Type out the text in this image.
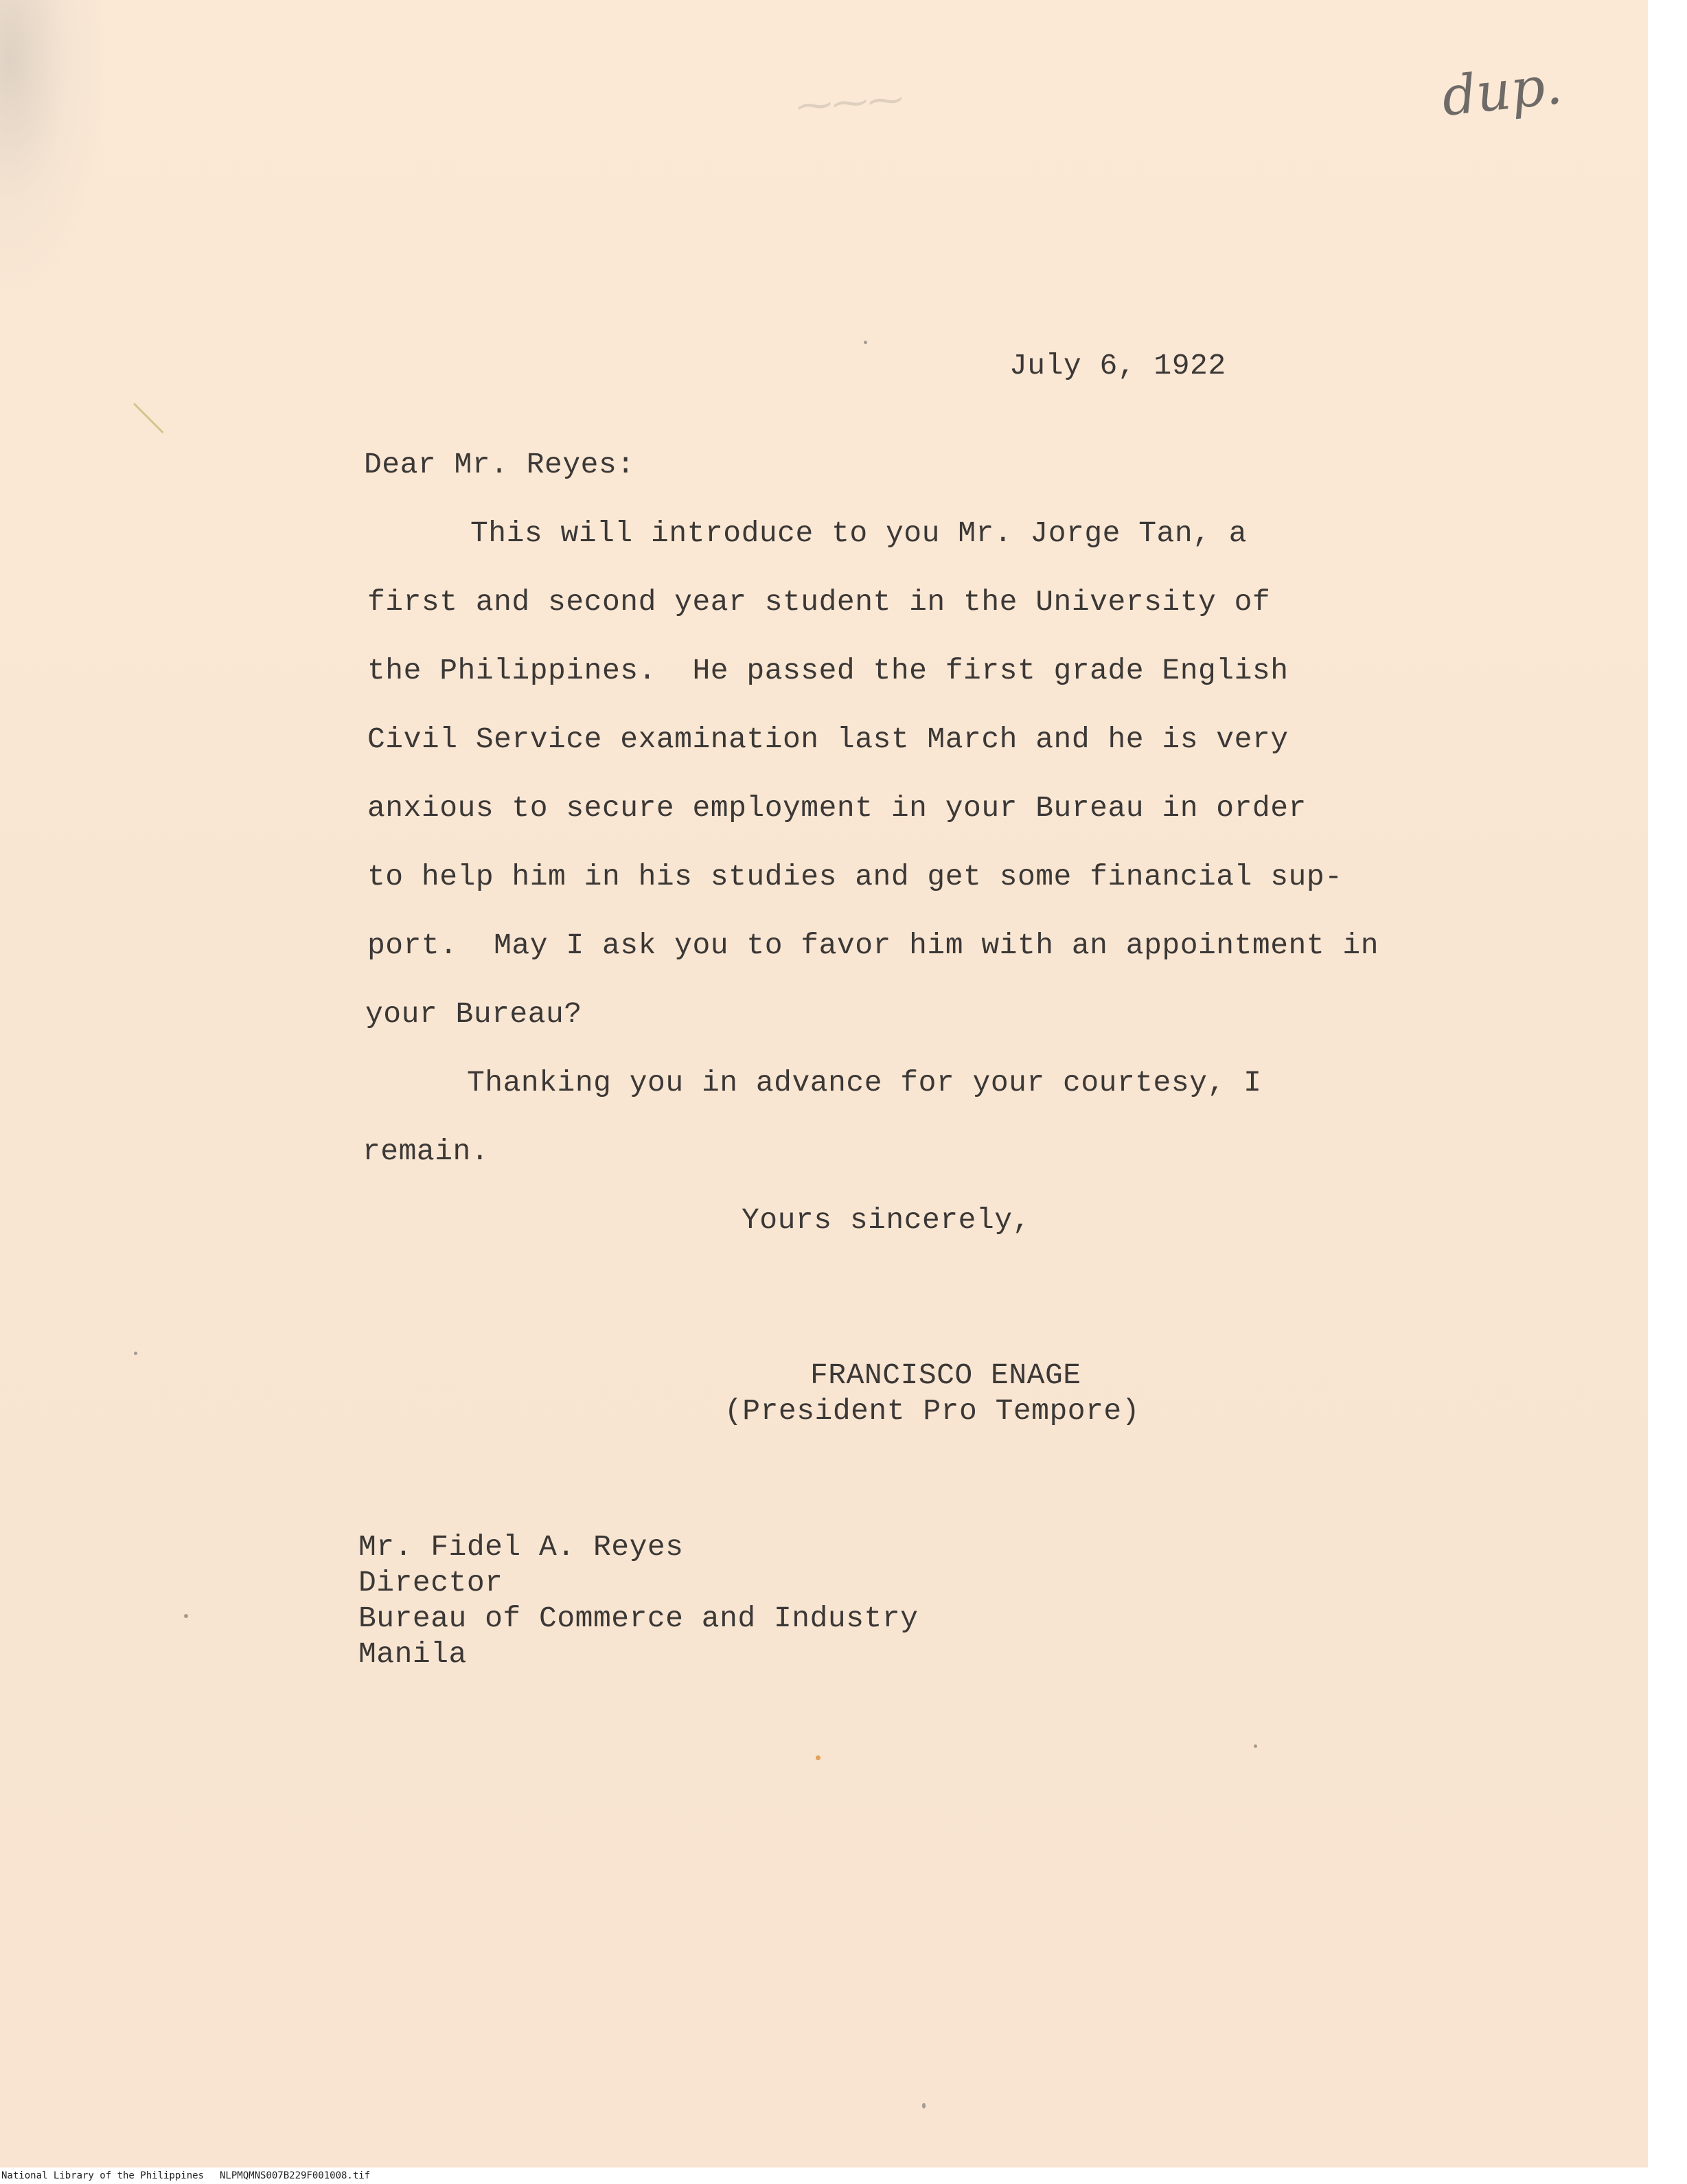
⁓⁓⁓	dup.
July 6, 1922
Dear Mr. Reyes:
This will introduce to you Mr. Jorge Tan, a
first and second year student in the University of
the Philippines.  He passed the first grade English
Civil Service examination last March and he is very
anxious to secure employment in your Bureau in order
to help him in his studies and get some financial sup-
port.  May I ask you to favor him with an appointment in
your Bureau?
Thanking you in advance for your courtesy, I
remain.
Yours sincerely,
FRANCISCO ENAGE
(President Pro Tempore)
Mr. Fidel A. Reyes
Director
Bureau of Commerce and Industry
Manila
National Library of the Philippines NLPMQMNS007B229F001008.tif
